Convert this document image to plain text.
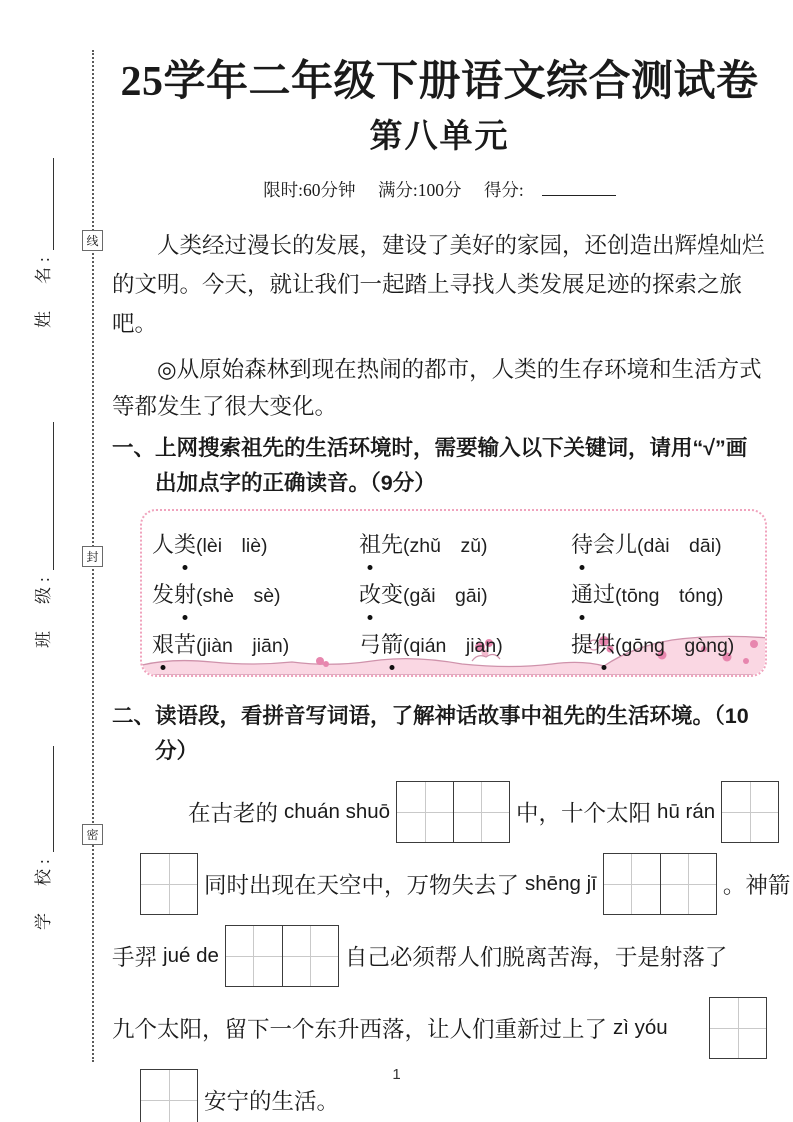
线
封
密
姓　名:
班　级:
学　校:
25学年二年级下册语文综合测试卷
第八单元
限时:60分钟 满分:100分 得分:

人类经过漫长的发展，建设了美好的家园，还创造出辉煌灿烂的文明。今天，就让我们一起踏上寻找人类发展足迹的探索之旅吧。

◎从原始森林到现在热闹的都市，人类的生存环境和生活方式等都发生了很大变化。

一、上网搜索祖先的生活环境时，需要输入以下关键词，请用“√”画出加点字的正确读音。（9分）
人类(lèi　liè)	祖先(zhǔ　zǔ)	待会儿(dài　dāi)
发射(shè　sè)	改变(gǎi　gāi)	通过(tōng　tóng)
艰苦(jiàn　jiān)	弓箭(qián　jiàn)	提供(gōng　gòng)
二、读语段，看拼音写词语，了解神话故事中祖先的生活环境。（10分）
在古老的 chuán shuō	中，十个太阳 hū rán
同时出现在天空中，万物失去了 shēng jī	。神箭
手羿 jué de	自己必须帮人们脱离苦海，于是射落了
九个太阳，留下一个东升西落，让人们重新过上了 zì yóu
安宁的生活。
1
